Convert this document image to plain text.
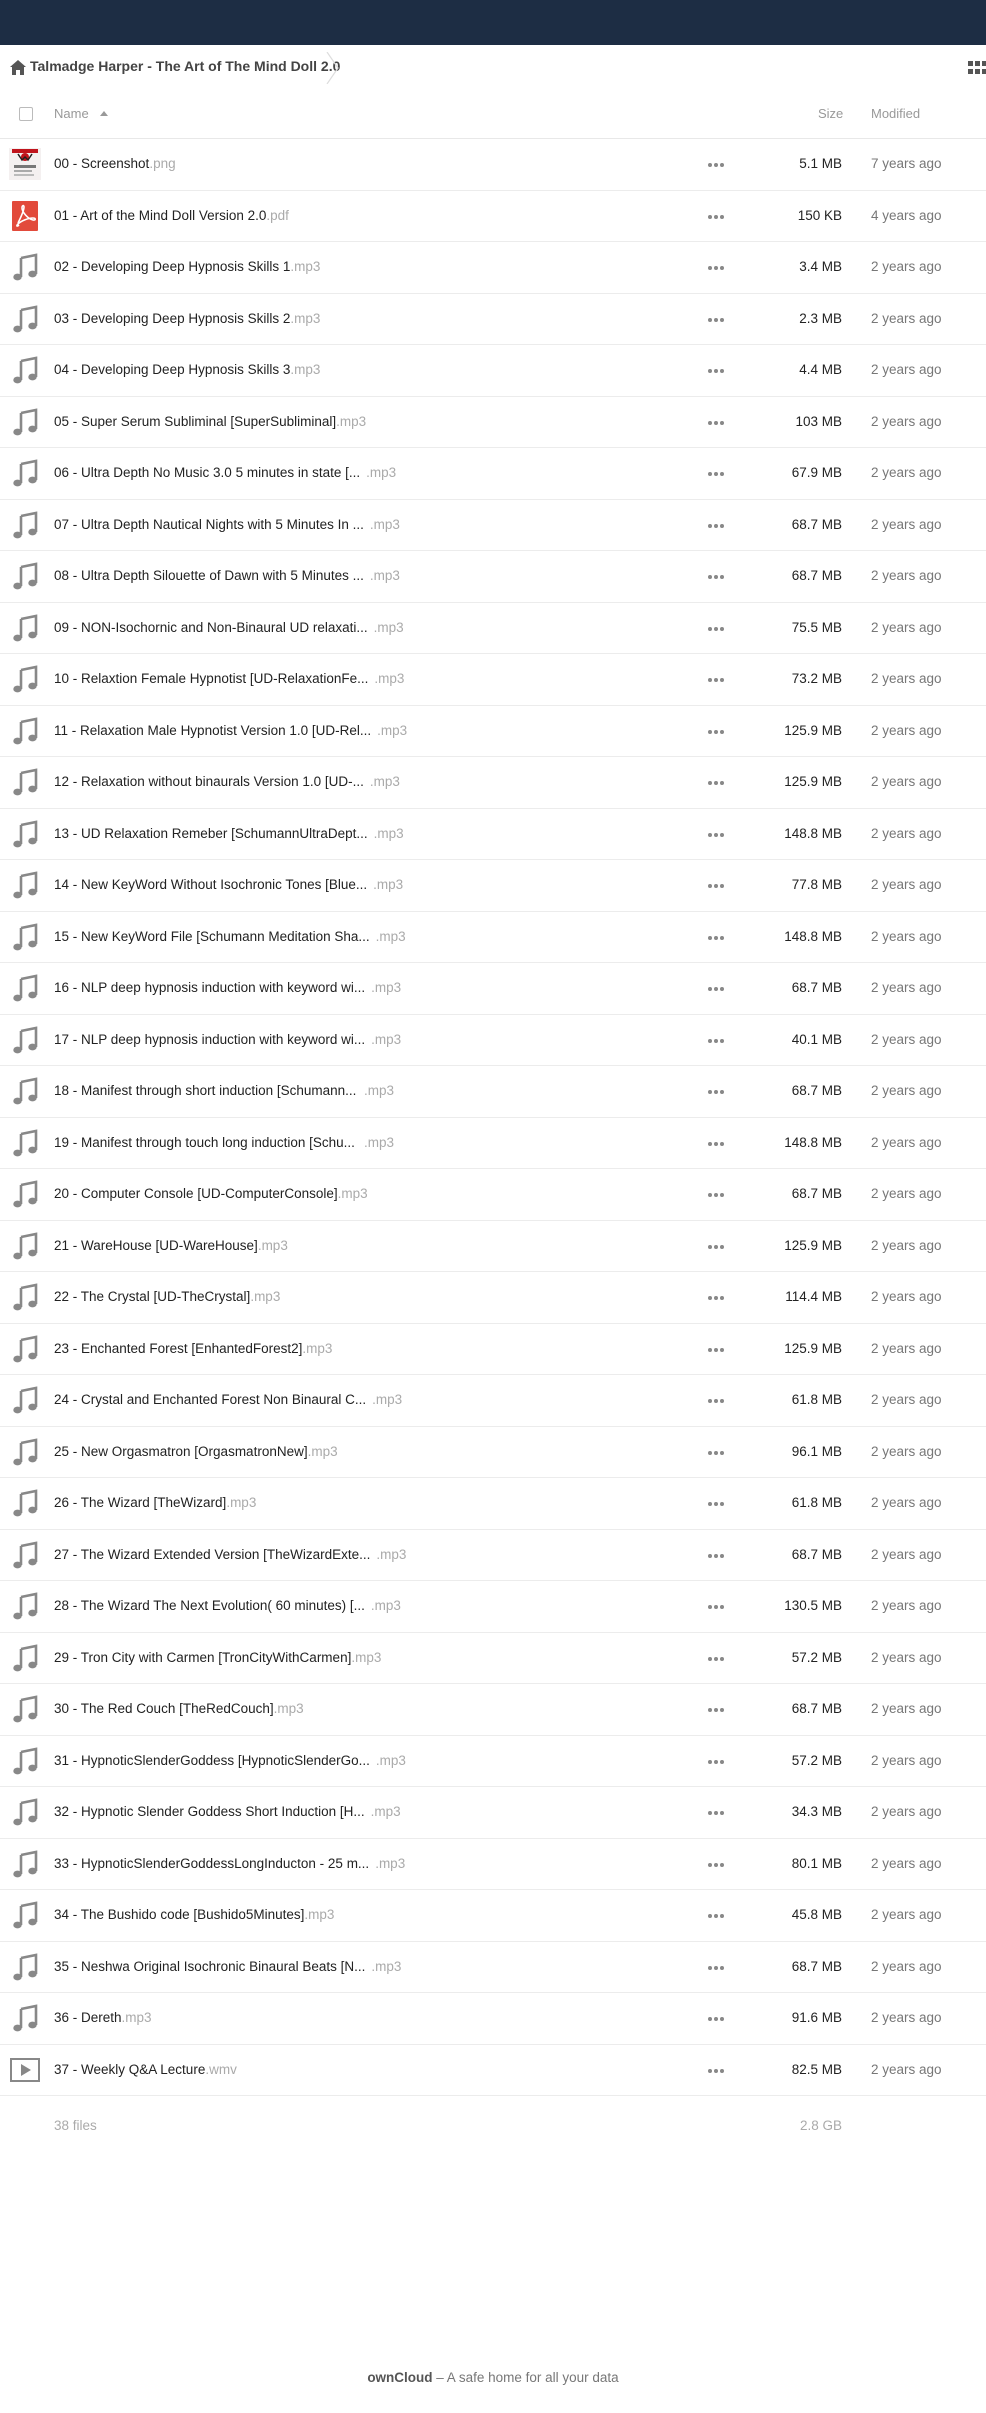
Talmadge Harper - The Art of The Mind Doll 2.0
Name	Size Modified
00 - Screenshot.png	5.1 MB 7 years ago
01 - Art of the Mind Doll Version 2.0.pdf	150 KB 4 years ago
02 - Developing Deep Hypnosis Skills 1.mp3	3.4 MB 2 years ago
03 - Developing Deep Hypnosis Skills 2.mp3	2.3 MB 2 years ago
04 - Developing Deep Hypnosis Skills 3.mp3	4.4 MB 2 years ago
05 - Super Serum Subliminal [SuperSubliminal].mp3	103 MB 2 years ago
06 - Ultra Depth No Music 3.0 5 minutes in state [... .mp3	67.9 MB 2 years ago
07 - Ultra Depth Nautical Nights with 5 Minutes In ... .mp3	68.7 MB 2 years ago
08 - Ultra Depth Silouette of Dawn with 5 Minutes ... .mp3	68.7 MB 2 years ago
09 - NON-Isochornic and Non-Binaural UD relaxati... .mp3	75.5 MB 2 years ago
10 - Relaxtion Female Hypnotist [UD-RelaxationFe... .mp3	73.2 MB 2 years ago
11 - Relaxation Male Hypnotist Version 1.0 [UD-Rel... .mp3	125.9 MB 2 years ago
12 - Relaxation without binaurals Version 1.0 [UD-... .mp3	125.9 MB 2 years ago
13 - UD Relaxation Remeber [SchumannUltraDept... .mp3	148.8 MB 2 years ago
14 - New KeyWord Without Isochronic Tones [Blue... .mp3	77.8 MB 2 years ago
15 - New KeyWord File [Schumann Meditation Sha... .mp3	148.8 MB 2 years ago
16 - NLP deep hypnosis induction with keyword wi... .mp3	68.7 MB 2 years ago
17 - NLP deep hypnosis induction with keyword wi... .mp3	40.1 MB 2 years ago
18 - Manifest through short induction [Schumann... .mp3	68.7 MB 2 years ago
19 - Manifest through touch long induction [Schu... .mp3	148.8 MB 2 years ago
20 - Computer Console [UD-ComputerConsole].mp3	68.7 MB 2 years ago
21 - WareHouse [UD-WareHouse].mp3	125.9 MB 2 years ago
22 - The Crystal [UD-TheCrystal].mp3	114.4 MB 2 years ago
23 - Enchanted Forest [EnhantedForest2].mp3	125.9 MB 2 years ago
24 - Crystal and Enchanted Forest Non Binaural C... .mp3	61.8 MB 2 years ago
25 - New Orgasmatron [OrgasmatronNew].mp3	96.1 MB 2 years ago
26 - The Wizard [TheWizard].mp3	61.8 MB 2 years ago
27 - The Wizard Extended Version [TheWizardExte... .mp3	68.7 MB 2 years ago
28 - The Wizard The Next Evolution( 60 minutes) [... .mp3	130.5 MB 2 years ago
29 - Tron City with Carmen [TronCityWithCarmen].mp3	57.2 MB 2 years ago
30 - The Red Couch [TheRedCouch].mp3	68.7 MB 2 years ago
31 - HypnoticSlenderGoddess [HypnoticSlenderGo... .mp3	57.2 MB 2 years ago
32 - Hypnotic Slender Goddess Short Induction [H... .mp3	34.3 MB 2 years ago
33 - HypnoticSlenderGoddessLongInducton - 25 m... .mp3	80.1 MB 2 years ago
34 - The Bushido code [Bushido5Minutes].mp3	45.8 MB 2 years ago
35 - Neshwa Original Isochronic Binaural Beats [N... .mp3	68.7 MB 2 years ago
36 - Dereth.mp3	91.6 MB 2 years ago
37 - Weekly Q&A Lecture.wmv	82.5 MB 2 years ago
38 files	2.8 GB
ownCloud – A safe home for all your data
